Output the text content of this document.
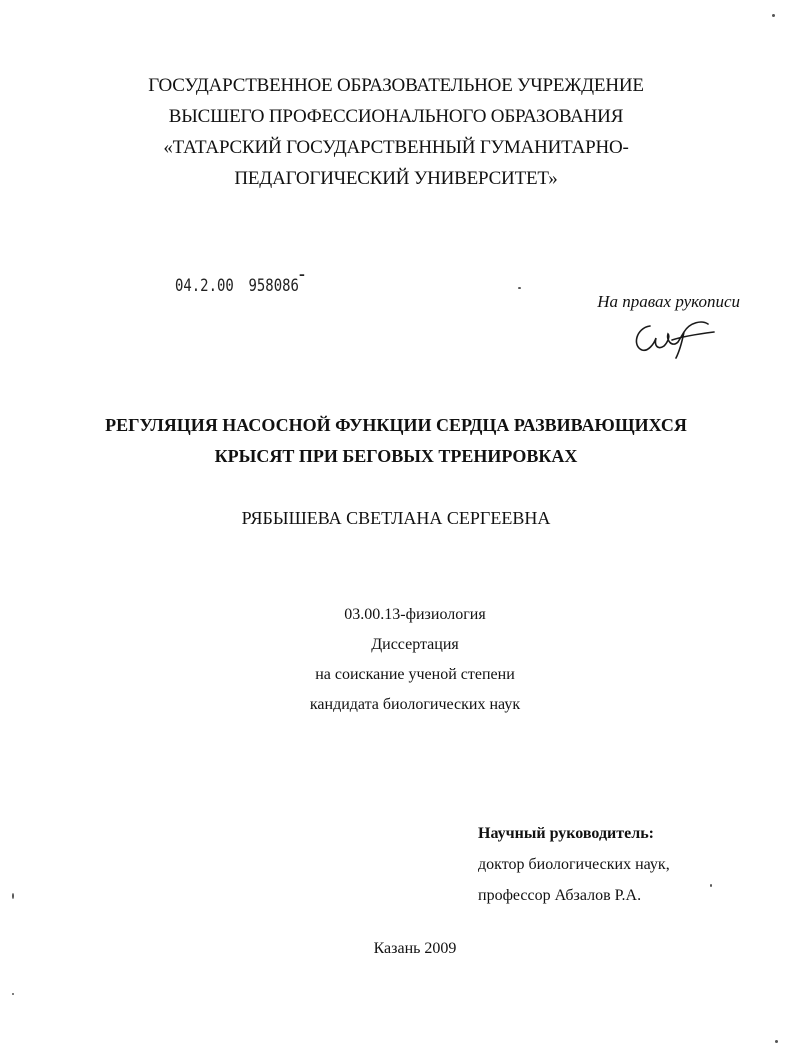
ГОСУДАРСТВЕННОЕ ОБРАЗОВАТЕЛЬНОЕ УЧРЕЖДЕНИЕ
ВЫСШЕГО ПРОФЕССИОНАЛЬНОГО ОБРАЗОВАНИЯ
«ТАТАРСКИЙ ГОСУДАРСТВЕННЫЙ ГУМАНИТАРНО-
ПЕДАГОГИЧЕСКИЙ УНИВЕРСИТЕТ»
04.2.00 958086-
На правах рукописи
РЕГУЛЯЦИЯ НАСОСНОЙ ФУНКЦИИ СЕРДЦА РАЗВИВАЮЩИХСЯ
КРЫСЯТ ПРИ БЕГОВЫХ ТРЕНИРОВКАХ
РЯБЫШЕВА СВЕТЛАНА СЕРГЕЕВНА
03.00.13-физиология
Диссертация
на соискание ученой степени
кандидата биологических наук
Научный руководитель:
доктор биологических наук,
профессор Абзалов Р.А.
Казань 2009
